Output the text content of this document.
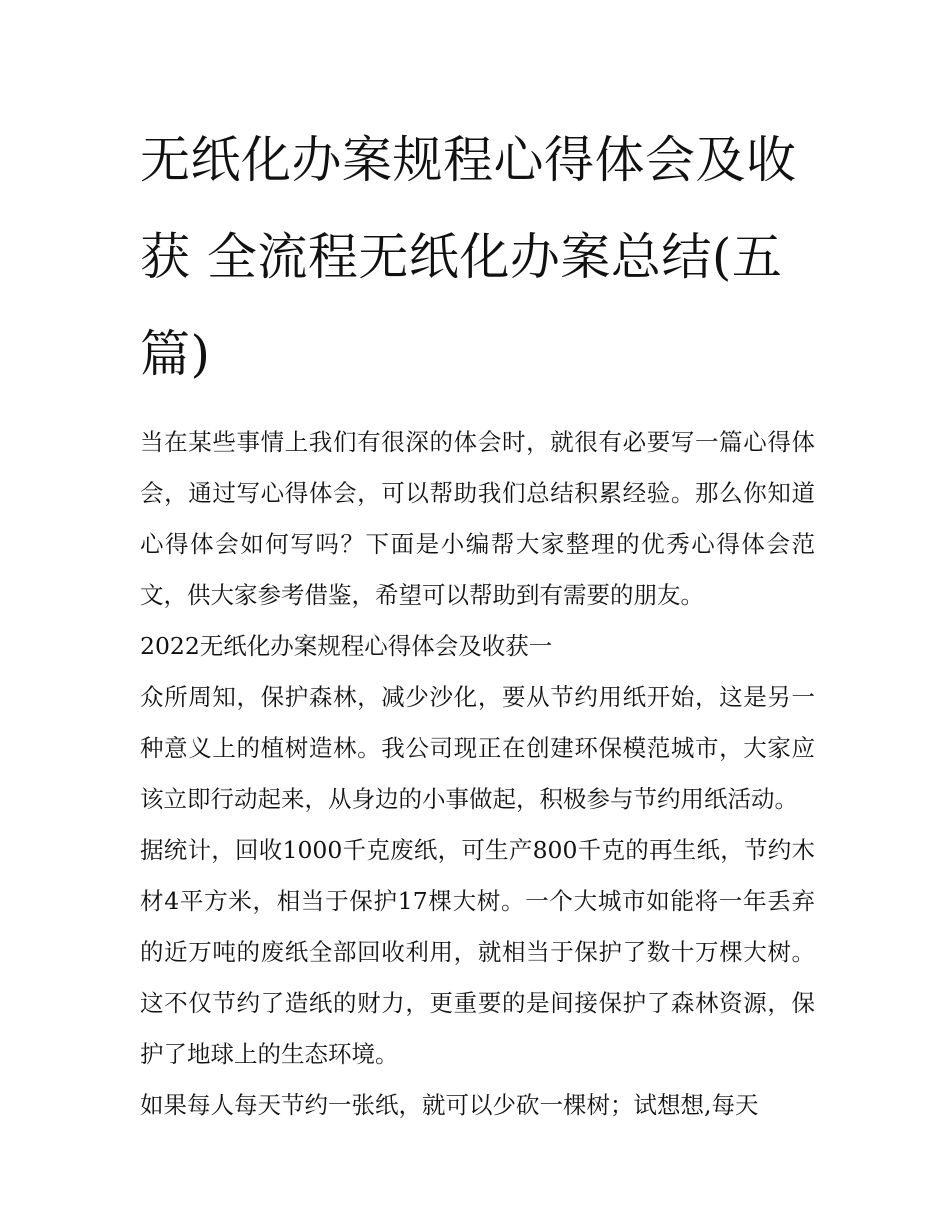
无纸化办案规程心得体会及收获 全流程无纸化办案总结(五篇)

当在某些事情上我们有很深的体会时，就很有必要写一篇心得体会，通过写心得体会，可以帮助我们总结积累经验。那么你知道心得体会如何写吗？下面是小编帮大家整理的优秀心得体会范文，供大家参考借鉴，希望可以帮助到有需要的朋友。

2022无纸化办案规程心得体会及收获一

众所周知，保护森林，减少沙化，要从节约用纸开始，这是另一种意义上的植树造林。我公司现正在创建环保模范城市，大家应该立即行动起来，从身边的小事做起，积极参与节约用纸活动。

据统计，回收1000千克废纸，可生产800千克的再生纸，节约木材4平方米，相当于保护17棵大树。一个大城市如能将一年丢弃的近万吨的废纸全部回收利用，就相当于保护了数十万棵大树。这不仅节约了造纸的财力，更重要的是间接保护了森林资源，保护了地球上的生态环境。

如果每人每天节约一张纸，就可以少砍一棵树；试想想,每天
